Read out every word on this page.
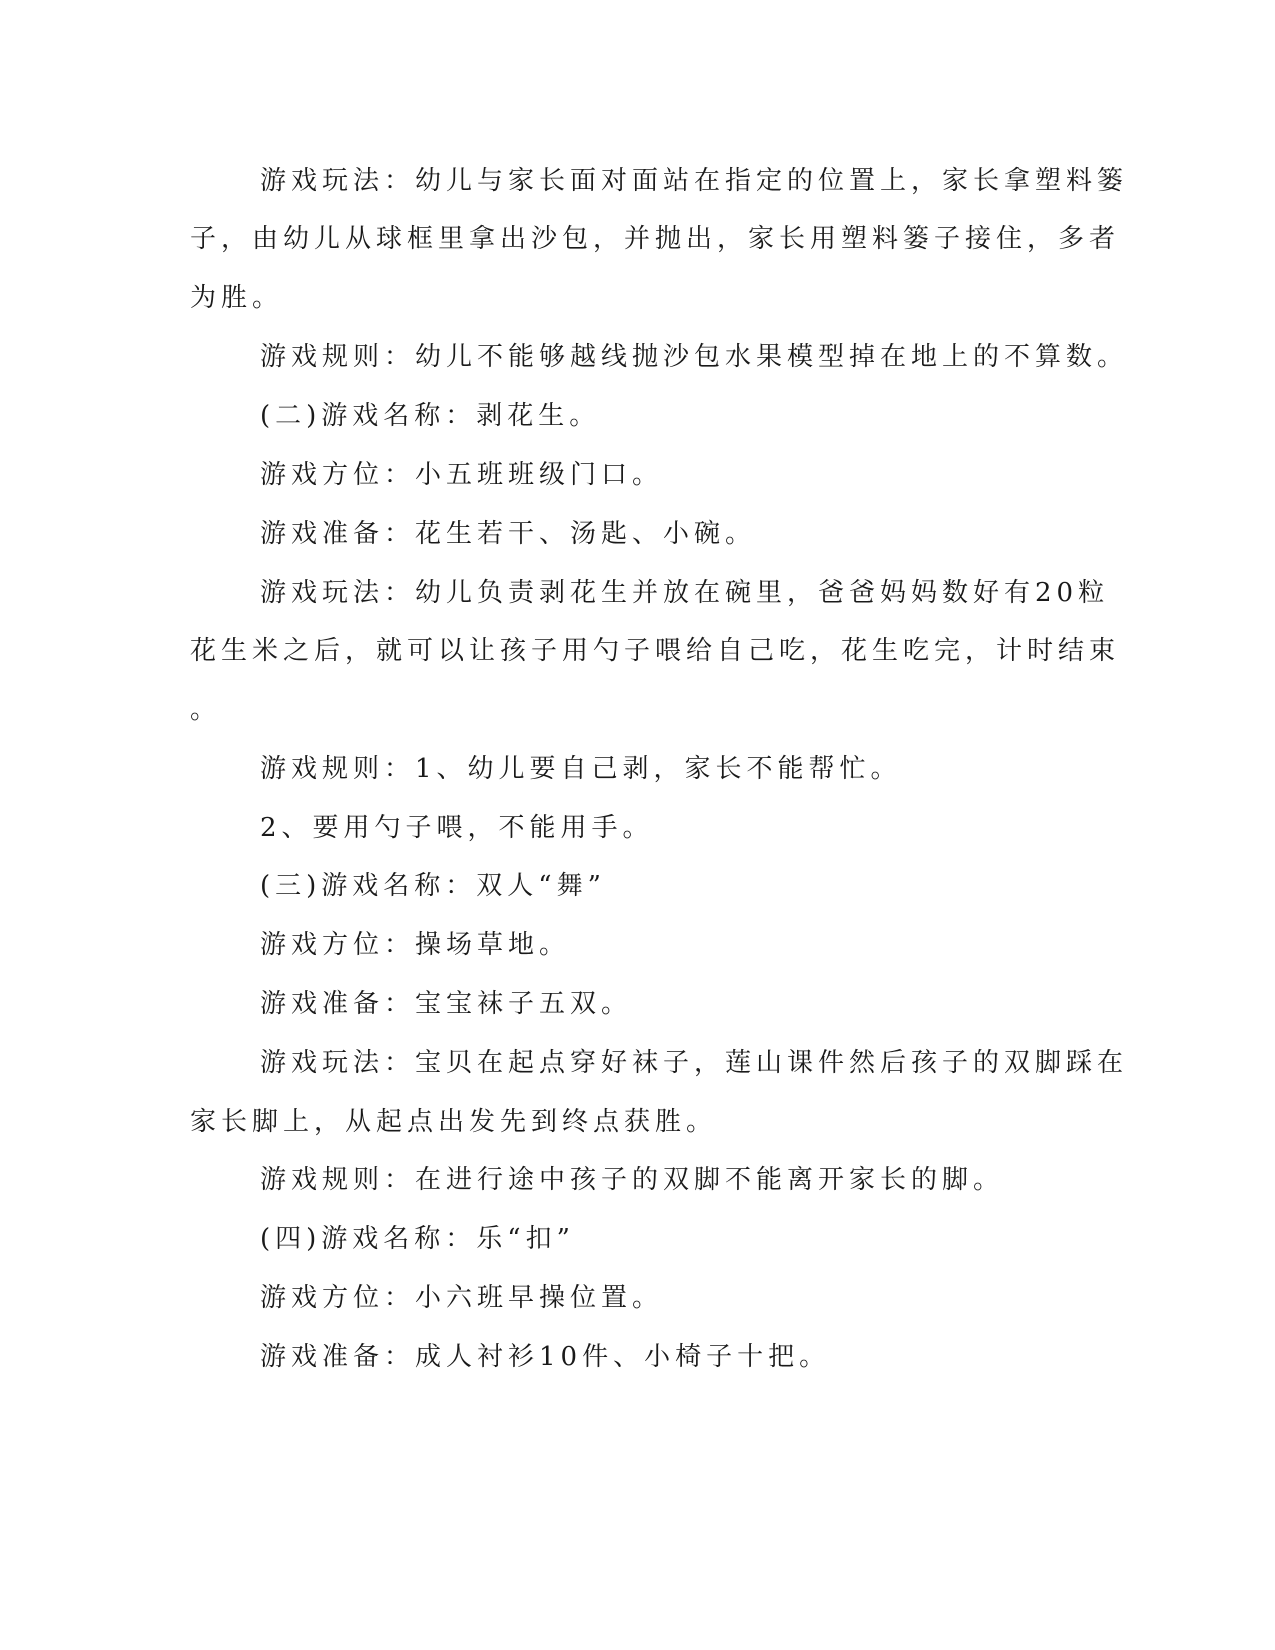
游戏玩法：幼儿与家长面对面站在指定的位置上，家长拿塑料篓
子，由幼儿从球框里拿出沙包，并抛出，家长用塑料篓子接住，多者
为胜。
游戏规则：幼儿不能够越线抛沙包水果模型掉在地上的不算数。
(二)游戏名称：剥花生。
游戏方位：小五班班级门口。
游戏准备：花生若干、汤匙、小碗。
游戏玩法：幼儿负责剥花生并放在碗里，爸爸妈妈数好有20粒
花生米之后，就可以让孩子用勺子喂给自己吃，花生吃完，计时结束
。
游戏规则：1、幼儿要自己剥，家长不能帮忙。
2、要用勺子喂，不能用手。
(三)游戏名称：双人“舞”
游戏方位：操场草地。
游戏准备：宝宝袜子五双。
游戏玩法：宝贝在起点穿好袜子，莲山课件然后孩子的双脚踩在
家长脚上，从起点出发先到终点获胜。
游戏规则：在进行途中孩子的双脚不能离开家长的脚。
(四)游戏名称：乐“扣”
游戏方位：小六班早操位置。
游戏准备：成人衬衫10件、小椅子十把。
